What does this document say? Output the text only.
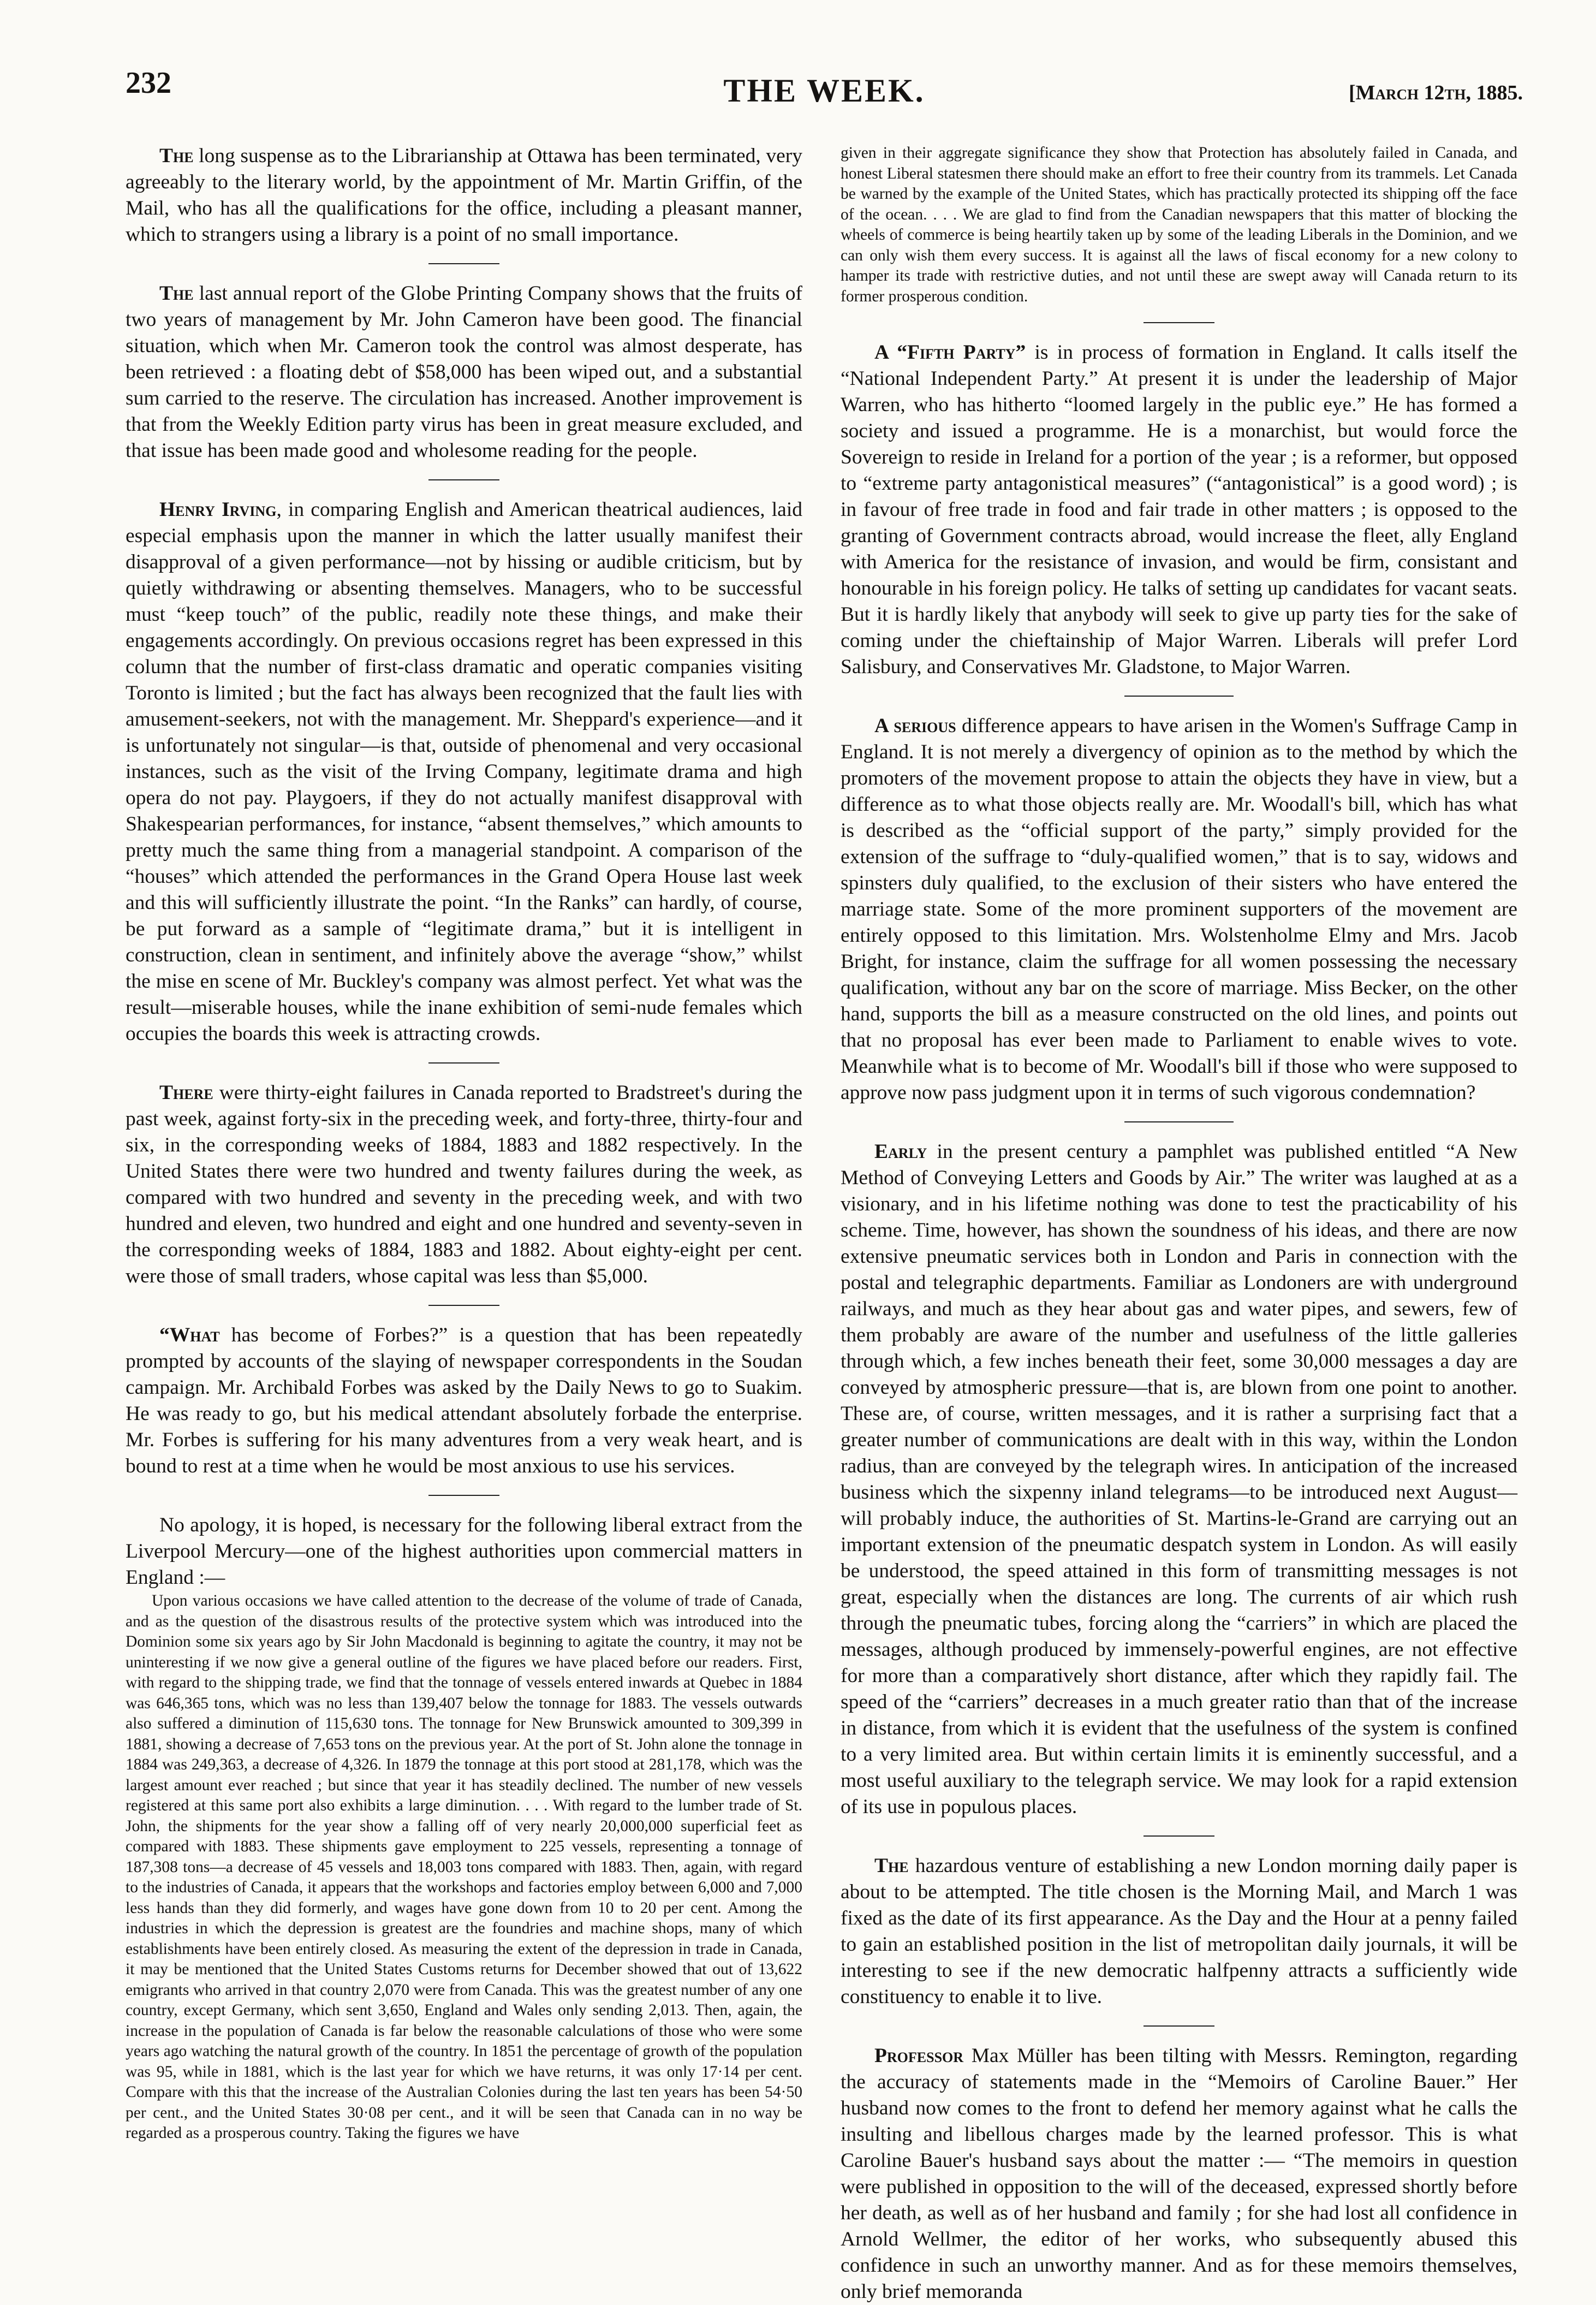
232	THE WEEK.	[March 12th, 1885.

The long suspense as to the Librarianship at Ottawa has been terminated, very agreeably to the literary world, by the appointment of Mr. Martin Griffin, of the Mail, who has all the qualifications for the office, including a pleasant manner, which to strangers using a library is a point of no small importance.

The last annual report of the Globe Printing Company shows that the fruits of two years of management by Mr. John Cameron have been good. The financial situation, which when Mr. Cameron took the control was almost desperate, has been retrieved : a floating debt of $58,000 has been wiped out, and a substantial sum carried to the reserve. The circulation has increased. Another improvement is that from the Weekly Edition party virus has been in great measure excluded, and that issue has been made good and wholesome reading for the people.

Henry Irving, in comparing English and American theatrical audiences, laid especial emphasis upon the manner in which the latter usually manifest their disapproval of a given performance—not by hissing or audible criticism, but by quietly withdrawing or absenting themselves. Managers, who to be successful must “keep touch” of the public, readily note these things, and make their engagements accordingly. On previous occasions regret has been expressed in this column that the number of first-class dramatic and operatic companies visiting Toronto is limited ; but the fact has always been recognized that the fault lies with amusement-seekers, not with the management. Mr. Sheppard's experience—and it is unfortunately not singular—is that, outside of phenomenal and very occasional instances, such as the visit of the Irving Company, legitimate drama and high opera do not pay. Playgoers, if they do not actually manifest disapproval with Shakespearian performances, for instance, “absent themselves,” which amounts to pretty much the same thing from a managerial standpoint. A comparison of the “houses” which attended the performances in the Grand Opera House last week and this will sufficiently illustrate the point. “In the Ranks” can hardly, of course, be put forward as a sample of “legitimate drama,” but it is intelligent in construction, clean in sentiment, and infinitely above the average “show,” whilst the mise en scene of Mr. Buckley's company was almost perfect. Yet what was the result—miserable houses, while the inane exhibition of semi-nude females which occupies the boards this week is attracting crowds.

There were thirty-eight failures in Canada reported to Bradstreet's during the past week, against forty-six in the preceding week, and forty-three, thirty-four and six, in the corresponding weeks of 1884, 1883 and 1882 respectively. In the United States there were two hundred and twenty failures during the week, as compared with two hundred and seventy in the preceding week, and with two hundred and eleven, two hundred and eight and one hundred and seventy-seven in the corresponding weeks of 1884, 1883 and 1882. About eighty-eight per cent. were those of small traders, whose capital was less than $5,000.

“What has become of Forbes?” is a question that has been repeatedly prompted by accounts of the slaying of newspaper correspondents in the Soudan campaign. Mr. Archibald Forbes was asked by the Daily News to go to Suakim. He was ready to go, but his medical attendant absolutely forbade the enterprise. Mr. Forbes is suffering for his many adventures from a very weak heart, and is bound to rest at a time when he would be most anxious to use his services.

No apology, it is hoped, is necessary for the following liberal extract from the Liverpool Mercury—one of the highest authorities upon commercial matters in England :—

Upon various occasions we have called attention to the decrease of the volume of trade of Canada, and as the question of the disastrous results of the protective system which was introduced into the Dominion some six years ago by Sir John Macdonald is beginning to agitate the country, it may not be uninteresting if we now give a general outline of the figures we have placed before our readers. First, with regard to the shipping trade, we find that the tonnage of vessels entered inwards at Quebec in 1884 was 646,365 tons, which was no less than 139,407 below the tonnage for 1883. The vessels outwards also suffered a diminution of 115,630 tons. The tonnage for New Brunswick amounted to 309,399 in 1881, showing a decrease of 7,653 tons on the previous year. At the port of St. John alone the tonnage in 1884 was 249,363, a decrease of 4,326. In 1879 the tonnage at this port stood at 281,178, which was the largest amount ever reached ; but since that year it has steadily declined. The number of new vessels registered at this same port also exhibits a large diminution. . . . With regard to the lumber trade of St. John, the shipments for the year show a falling off of very nearly 20,000,000 superficial feet as compared with 1883. These shipments gave employment to 225 vessels, representing a tonnage of 187,308 tons—a decrease of 45 vessels and 18,003 tons compared with 1883. Then, again, with regard to the industries of Canada, it appears that the workshops and factories employ between 6,000 and 7,000 less hands than they did formerly, and wages have gone down from 10 to 20 per cent. Among the industries in which the depression is greatest are the foundries and machine shops, many of which establishments have been entirely closed. As measuring the extent of the depression in trade in Canada, it may be mentioned that the United States Customs returns for December showed that out of 13,622 emigrants who arrived in that country 2,070 were from Canada. This was the greatest number of any one country, except Germany, which sent 3,650, England and Wales only sending 2,013. Then, again, the increase in the population of Canada is far below the reasonable calculations of those who were some years ago watching the natural growth of the country. In 1851 the percentage of growth of the population was 95, while in 1881, which is the last year for which we have returns, it was only 17·14 per cent. Compare with this that the increase of the Australian Colonies during the last ten years has been 54·50 per cent., and the United States 30·08 per cent., and it will be seen that Canada can in no way be regarded as a prosperous country. Taking the figures we have

given in their aggregate significance they show that Protection has absolutely failed in Canada, and honest Liberal statesmen there should make an effort to free their country from its trammels. Let Canada be warned by the example of the United States, which has practically protected its shipping off the face of the ocean. . . . We are glad to find from the Canadian newspapers that this matter of blocking the wheels of commerce is being heartily taken up by some of the leading Liberals in the Dominion, and we can only wish them every success. It is against all the laws of fiscal economy for a new colony to hamper its trade with restrictive duties, and not until these are swept away will Canada return to its former prosperous condition.

A “Fifth Party” is in process of formation in England. It calls itself the “National Independent Party.” At present it is under the leadership of Major Warren, who has hitherto “loomed largely in the public eye.” He has formed a society and issued a programme. He is a monarchist, but would force the Sovereign to reside in Ireland for a portion of the year ; is a reformer, but opposed to “extreme party antagonistical measures” (“antagonistical” is a good word) ; is in favour of free trade in food and fair trade in other matters ; is opposed to the granting of Government contracts abroad, would increase the fleet, ally England with America for the resistance of invasion, and would be firm, consistant and honourable in his foreign policy. He talks of setting up candidates for vacant seats. But it is hardly likely that anybody will seek to give up party ties for the sake of coming under the chieftainship of Major Warren. Liberals will prefer Lord Salisbury, and Conservatives Mr. Gladstone, to Major Warren.

A serious difference appears to have arisen in the Women's Suffrage Camp in England. It is not merely a divergency of opinion as to the method by which the promoters of the movement propose to attain the objects they have in view, but a difference as to what those objects really are. Mr. Woodall's bill, which has what is described as the “official support of the party,” simply provided for the extension of the suffrage to “duly-qualified women,” that is to say, widows and spinsters duly qualified, to the exclusion of their sisters who have entered the marriage state. Some of the more prominent supporters of the movement are entirely opposed to this limitation. Mrs. Wolstenholme Elmy and Mrs. Jacob Bright, for instance, claim the suffrage for all women possessing the necessary qualification, without any bar on the score of marriage. Miss Becker, on the other hand, supports the bill as a measure constructed on the old lines, and points out that no proposal has ever been made to Parliament to enable wives to vote. Meanwhile what is to become of Mr. Woodall's bill if those who were supposed to approve now pass judgment upon it in terms of such vigorous condemnation?

Early in the present century a pamphlet was published entitled “A New Method of Conveying Letters and Goods by Air.” The writer was laughed at as a visionary, and in his lifetime nothing was done to test the practicability of his scheme. Time, however, has shown the soundness of his ideas, and there are now extensive pneumatic services both in London and Paris in connection with the postal and telegraphic departments. Familiar as Londoners are with underground railways, and much as they hear about gas and water pipes, and sewers, few of them probably are aware of the number and usefulness of the little galleries through which, a few inches beneath their feet, some 30,000 messages a day are conveyed by atmospheric pressure—that is, are blown from one point to another. These are, of course, written messages, and it is rather a surprising fact that a greater number of communications are dealt with in this way, within the London radius, than are conveyed by the telegraph wires. In anticipation of the increased business which the sixpenny inland telegrams—to be introduced next August—will probably induce, the authorities of St. Martins-le-Grand are carrying out an important extension of the pneumatic despatch system in London. As will easily be understood, the speed attained in this form of transmitting messages is not great, especially when the distances are long. The currents of air which rush through the pneumatic tubes, forcing along the “carriers” in which are placed the messages, although produced by immensely-powerful engines, are not effective for more than a comparatively short distance, after which they rapidly fail. The speed of the “carriers” decreases in a much greater ratio than that of the increase in distance, from which it is evident that the usefulness of the system is confined to a very limited area. But within certain limits it is eminently successful, and a most useful auxiliary to the telegraph service. We may look for a rapid extension of its use in populous places.

The hazardous venture of establishing a new London morning daily paper is about to be attempted. The title chosen is the Morning Mail, and March 1 was fixed as the date of its first appearance. As the Day and the Hour at a penny failed to gain an established position in the list of metropolitan daily journals, it will be interesting to see if the new democratic halfpenny attracts a sufficiently wide constituency to enable it to live.

Professor Max Müller has been tilting with Messrs. Remington, regarding the accuracy of statements made in the “Memoirs of Caroline Bauer.” Her husband now comes to the front to defend her memory against what he calls the insulting and libellous charges made by the learned professor. This is what Caroline Bauer's husband says about the matter :— “The memoirs in question were published in opposition to the will of the deceased, expressed shortly before her death, as well as of her husband and family ; for she had lost all confidence in Arnold Wellmer, the editor of her works, who subsequently abused this confidence in such an unworthy manner. And as for these memoirs themselves, only brief memoranda
